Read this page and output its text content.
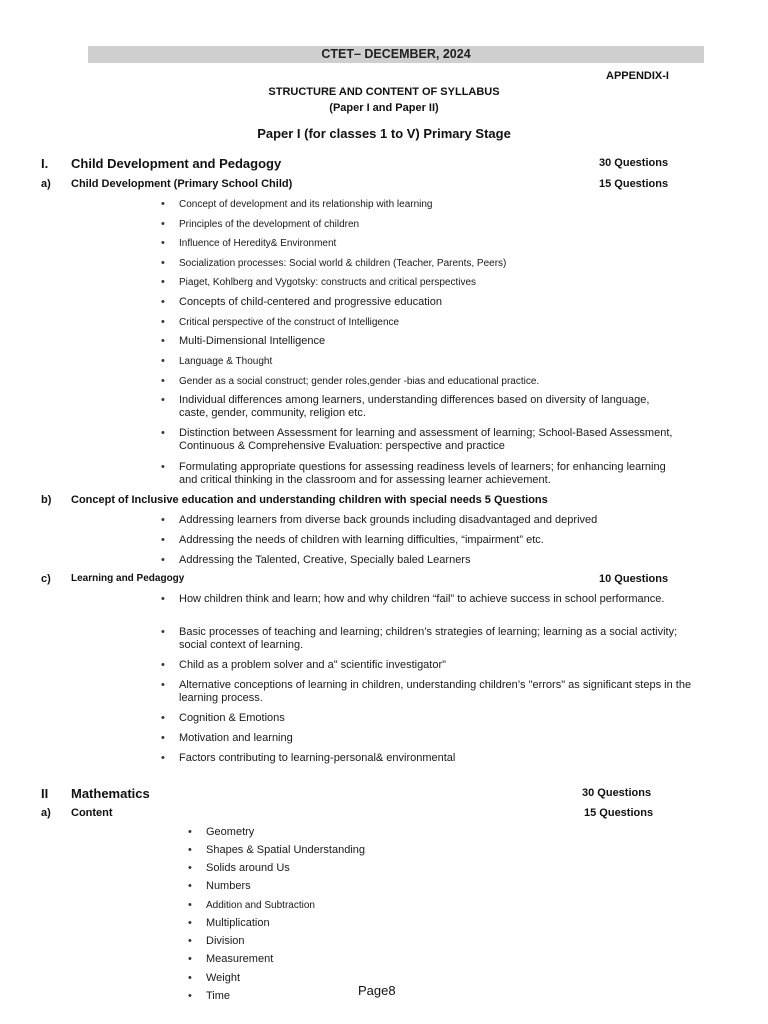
CTET– DECEMBER, 2024
APPENDIX-I
STRUCTURE AND CONTENT OF SYLLABUS
(Paper I and Paper II)
Paper I (for classes 1 to V) Primary Stage
I. Child Development and Pedagogy	30 Questions
a) Child Development (Primary School Child)	15 Questions
• Concept of development and its relationship with learning
• Principles of the development of children
• Influence of Heredity& Environment
• Socialization processes: Social world & children (Teacher, Parents, Peers)
• Piaget, Kohlberg and Vygotsky: constructs and critical perspectives
• Concepts of child-centered and progressive education
• Critical perspective of the construct of Intelligence
• Multi-Dimensional Intelligence
• Language & Thought
• Gender as a social construct; gender roles,gender -bias and educational practice.
• Individual differences among learners, understanding differences based on diversity of language, caste, gender, community, religion etc.
• Distinction between Assessment for learning and assessment of learning; School-Based Assessment, Continuous & Comprehensive Evaluation: perspective and practice
• Formulating appropriate questions for assessing readiness levels of learners; for enhancing learning and critical thinking in the classroom and for assessing learner achievement.
b) Concept of Inclusive education and understanding children with special needs 5 Questions
• Addressing learners from diverse back grounds including disadvantaged and deprived
• Addressing the needs of children with learning difficulties, “impairment” etc.
• Addressing the Talented, Creative, Specially baled Learners
c) Learning and Pedagogy	10 Questions
• How children think and learn; how and why children “fail” to achieve success in school performance.
• Basic processes of teaching and learning; children’s strategies of learning; learning as a social activity; social context of learning.
• Child as a problem solver and a" scientific investigator"
• Alternative conceptions of learning in children, understanding children’s "errors" as significant steps in the learning process.
• Cognition & Emotions
• Motivation and learning
• Factors contributing to learning-personal& environmental
II Mathematics	30 Questions
a) Content	15 Questions
• Geometry
• Shapes & Spatial Understanding
• Solids around Us
• Numbers
• Addition and Subtraction
• Multiplication
• Division
• Measurement
• Weight
• Time	Page8
